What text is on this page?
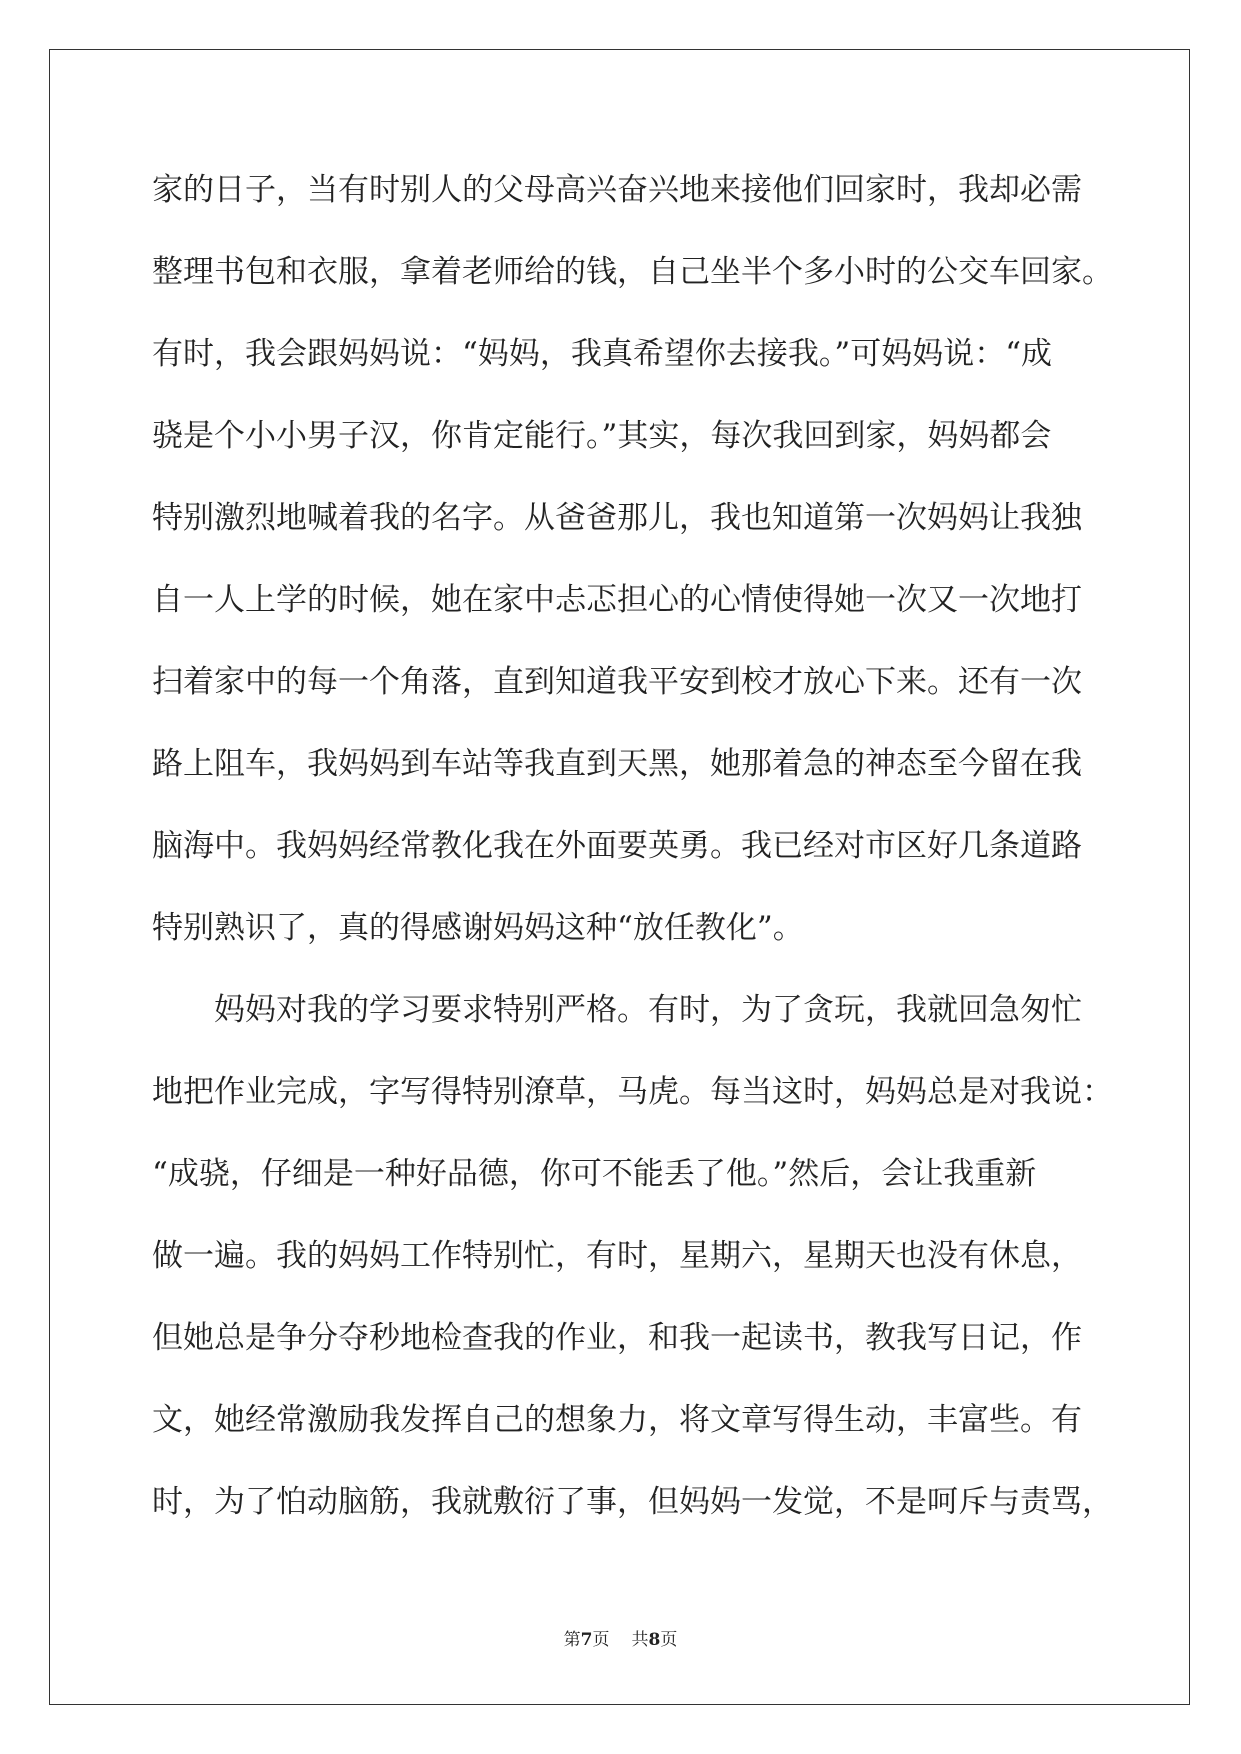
家的日子，当有时别人的父母高兴奋兴地来接他们回家时，我却必需
整理书包和衣服，拿着老师给的钱，自己坐半个多小时的公交车回家。
有时，我会跟妈妈说：“妈妈，我真希望你去接我。”可妈妈说：“成
骁是个小小男子汉，你肯定能行。”其实，每次我回到家，妈妈都会
特别激烈地喊着我的名字。从爸爸那儿，我也知道第一次妈妈让我独
自一人上学的时候，她在家中忐忑担心的心情使得她一次又一次地打
扫着家中的每一个角落，直到知道我平安到校才放心下来。还有一次
路上阻车，我妈妈到车站等我直到天黑，她那着急的神态至今留在我
脑海中。我妈妈经常教化我在外面要英勇。我已经对市区好几条道路
特别熟识了，真的得感谢妈妈这种“放任教化”。
　　妈妈对我的学习要求特别严格。有时，为了贪玩，我就回急匆忙
地把作业完成，字写得特别潦草，马虎。每当这时，妈妈总是对我说：
“成骁，仔细是一种好品德，你可不能丢了他。”然后，会让我重新
做一遍。我的妈妈工作特别忙，有时，星期六，星期天也没有休息，
但她总是争分夺秒地检查我的作业，和我一起读书，教我写日记，作
文，她经常激励我发挥自己的想象力，将文章写得生动，丰富些。有
时，为了怕动脑筋，我就敷衍了事，但妈妈一发觉，不是呵斥与责骂，
第7页 共8页
